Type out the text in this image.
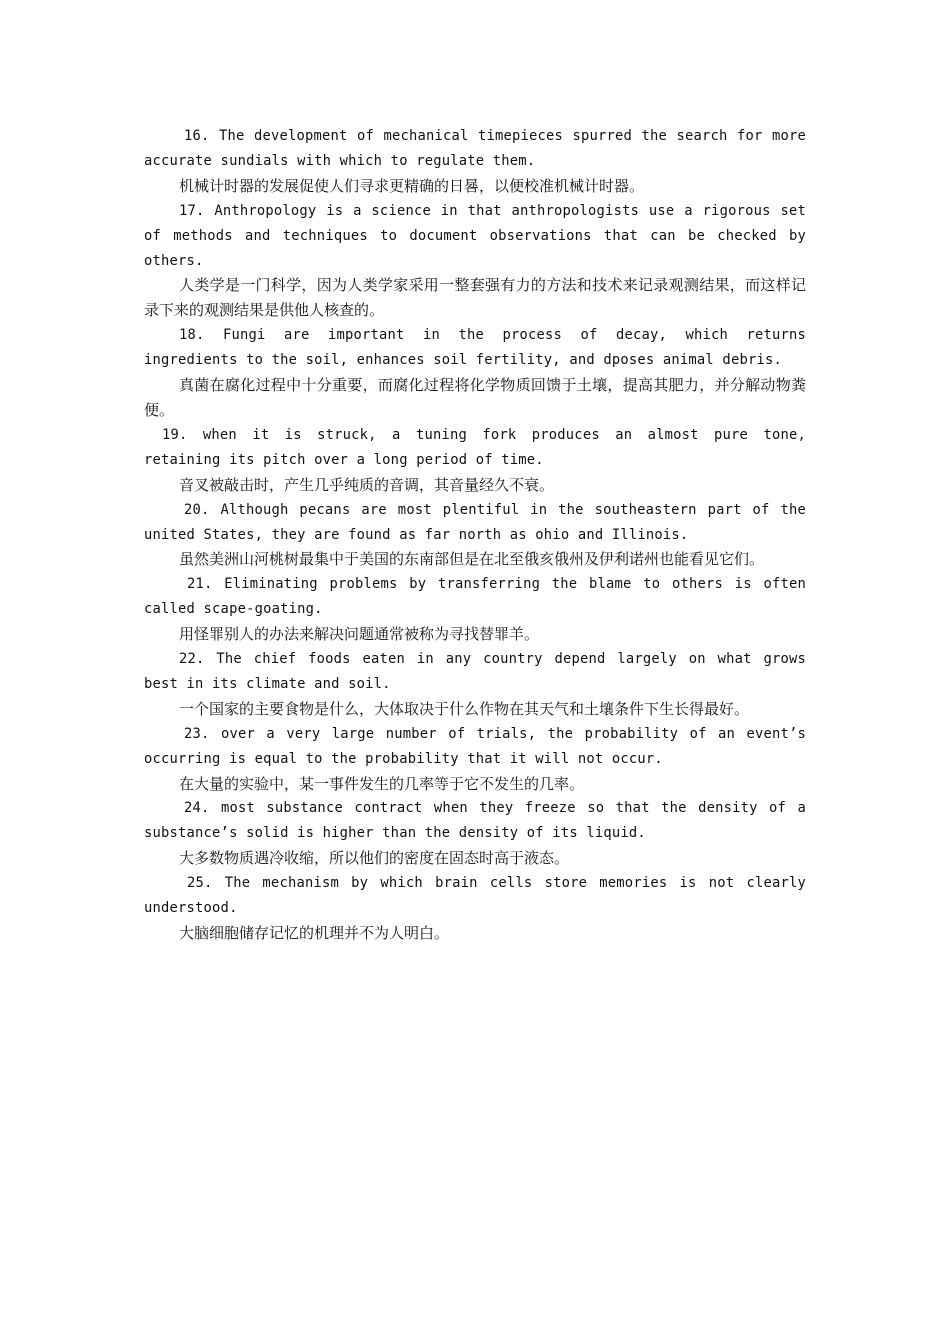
16. The development of mechanical timepieces spurred the search for more accurate sundials with which to regulate them.

机械计时器的发展促使人们寻求更精确的日晷，以便校准机械计时器。

17. Anthropology is a science in that anthropologists use a rigorous set of methods and techniques to document observations that can be checked by others.

人类学是一门科学，因为人类学家采用一整套强有力的方法和技术来记录观测结果，而这样记录下来的观测结果是供他人核查的。

18. Fungi are important in the process of decay, which returns ingredients to the soil, enhances soil fertility, and dposes animal debris.

真菌在腐化过程中十分重要，而腐化过程将化学物质回馈于土壤，提高其肥力，并分解动物粪便。

19. when it is struck, a tuning fork produces an almost pure tone, retaining its pitch over a long period of time.

音叉被敲击时，产生几乎纯质的音调，其音量经久不衰。

20. Although pecans are most plentiful in the southeastern part of the united States, they are found as far north as ohio and Illinois.

虽然美洲山河桃树最集中于美国的东南部但是在北至俄亥俄州及伊利诺州也能看见它们。

21. Eliminating problems by transferring the blame to others is often called scape-goating.

用怪罪别人的办法来解决问题通常被称为寻找替罪羊。

22. The chief foods eaten in any country depend largely on what grows best in its climate and soil.

一个国家的主要食物是什么，大体取决于什么作物在其天气和土壤条件下生长得最好。

23. over a very large number of trials, the probability of an event’s occurring is equal to the probability that it will not occur.

在大量的实验中，某一事件发生的几率等于它不发生的几率。

24. most substance contract when they freeze so that the density of a substance’s solid is higher than the density of its liquid.

大多数物质遇冷收缩，所以他们的密度在固态时高于液态。

25. The mechanism by which brain cells store memories is not clearly understood.

大脑细胞储存记忆的机理并不为人明白。
